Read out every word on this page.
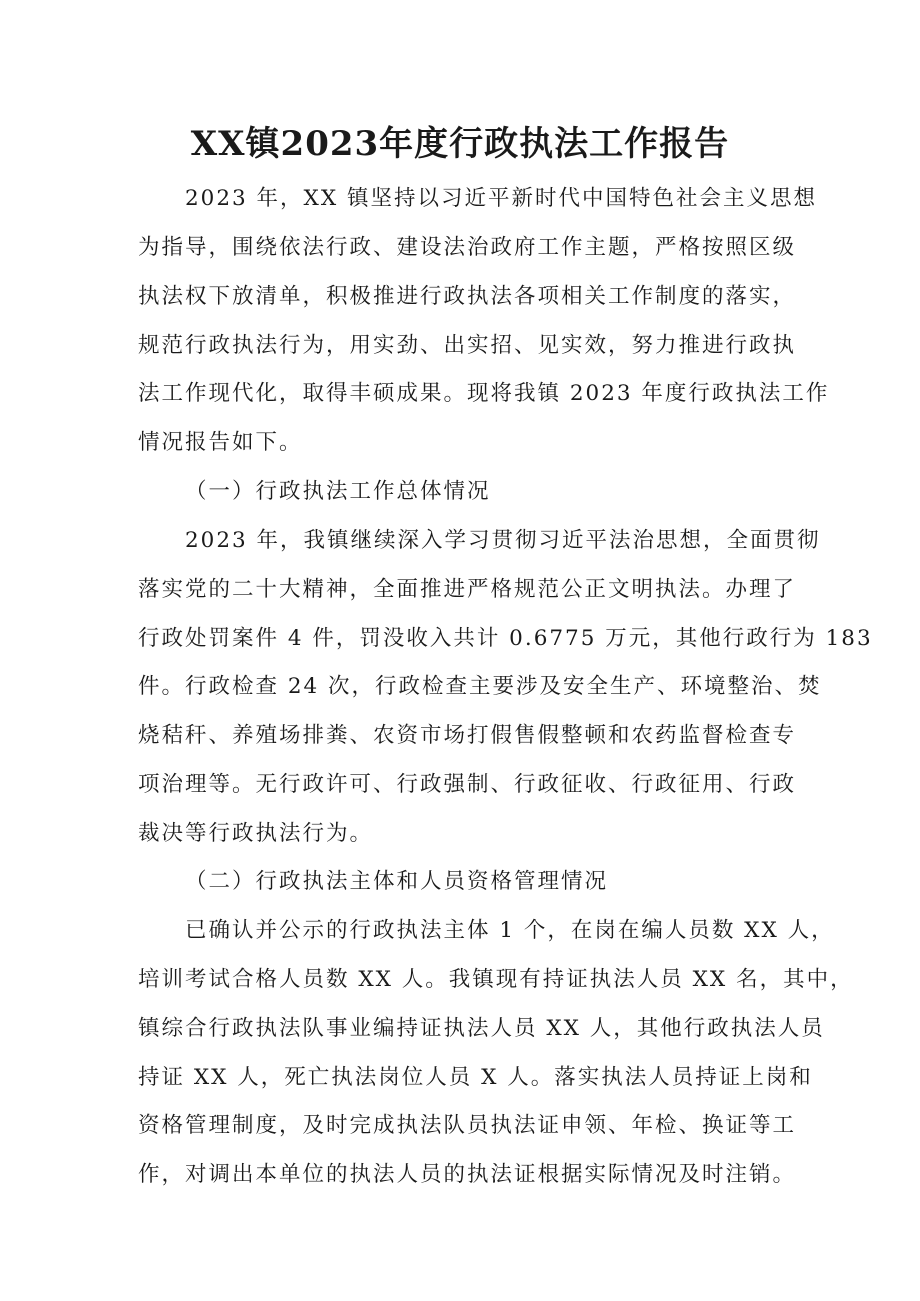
XX镇2023年度行政执法工作报告
2023 年，XX 镇坚持以习近平新时代中国特色社会主义思想
为指导，围绕依法行政、建设法治政府工作主题，严格按照区级
执法权下放清单，积极推进行政执法各项相关工作制度的落实，
规范行政执法行为，用实劲、出实招、见实效，努力推进行政执
法工作现代化，取得丰硕成果。现将我镇 2023 年度行政执法工作
情况报告如下。
（一）行政执法工作总体情况
2023 年，我镇继续深入学习贯彻习近平法治思想，全面贯彻
落实党的二十大精神，全面推进严格规范公正文明执法。办理了
行政处罚案件 4 件，罚没收入共计 0.6775 万元，其他行政行为 183
件。行政检查 24 次，行政检查主要涉及安全生产、环境整治、焚
烧秸秆、养殖场排粪、农资市场打假售假整顿和农药监督检查专
项治理等。无行政许可、行政强制、行政征收、行政征用、行政
裁决等行政执法行为。
（二）行政执法主体和人员资格管理情况
已确认并公示的行政执法主体 1 个，在岗在编人员数 XX 人，
培训考试合格人员数 XX 人。我镇现有持证执法人员 XX 名，其中，
镇综合行政执法队事业编持证执法人员 XX 人，其他行政执法人员
持证 XX 人，死亡执法岗位人员 X 人。落实执法人员持证上岗和
资格管理制度，及时完成执法队员执法证申领、年检、换证等工
作，对调出本单位的执法人员的执法证根据实际情况及时注销。
